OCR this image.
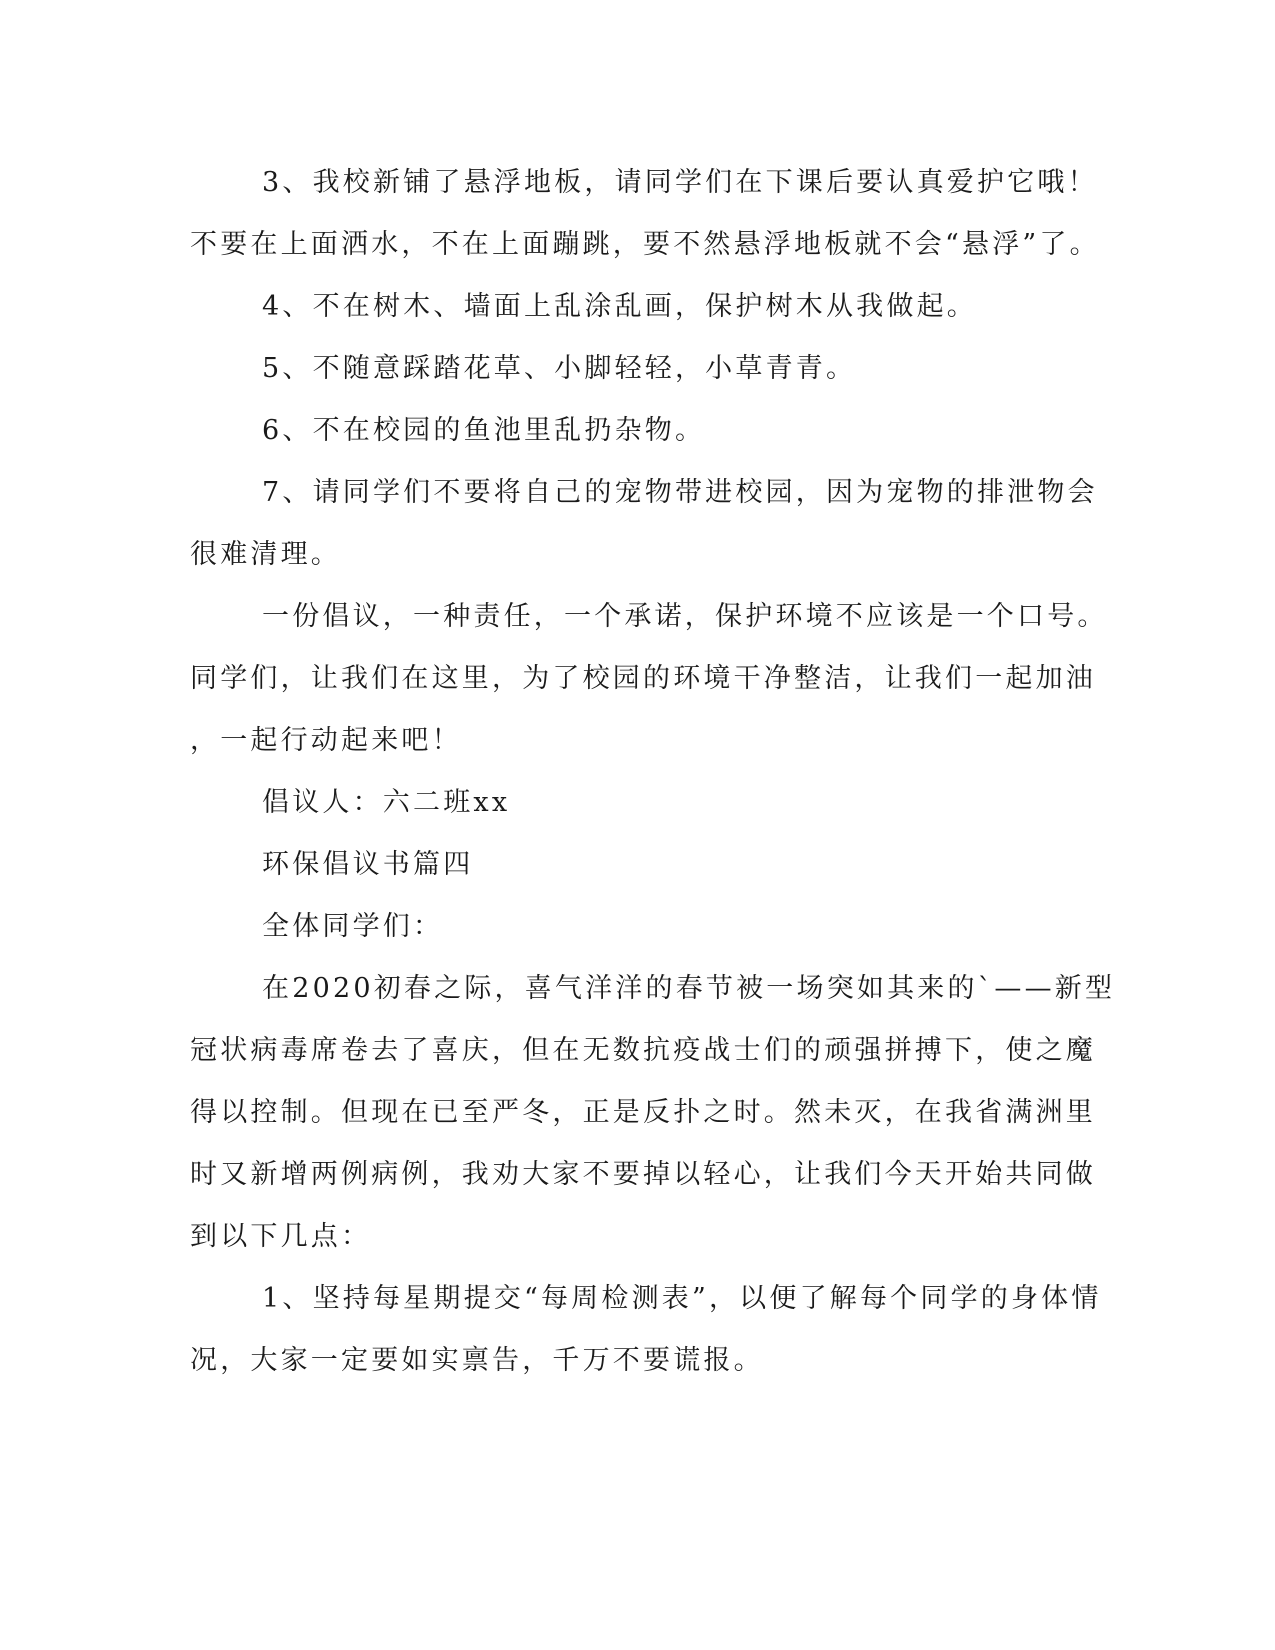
3、我校新铺了悬浮地板，请同学们在下课后要认真爱护它哦！
不要在上面洒水，不在上面蹦跳，要不然悬浮地板就不会“悬浮”了。
4、不在树木、墙面上乱涂乱画，保护树木从我做起。
5、不随意踩踏花草、小脚轻轻，小草青青。
6、不在校园的鱼池里乱扔杂物。
7、请同学们不要将自己的宠物带进校园，因为宠物的排泄物会
很难清理。
一份倡议，一种责任，一个承诺，保护环境不应该是一个口号。
同学们，让我们在这里，为了校园的环境干净整洁，让我们一起加油
，一起行动起来吧！
倡议人：六二班xx
环保倡议书篇四
全体同学们：
在2020初春之际，喜气洋洋的春节被一场突如其来的`——新型
冠状病毒席卷去了喜庆，但在无数抗疫战士们的顽强拼搏下，使之魔
得以控制。但现在已至严冬，正是反扑之时。然未灭，在我省满洲里
时又新增两例病例，我劝大家不要掉以轻心，让我们今天开始共同做
到以下几点：
1、坚持每星期提交“每周检测表”，以便了解每个同学的身体情
况，大家一定要如实禀告，千万不要谎报。
